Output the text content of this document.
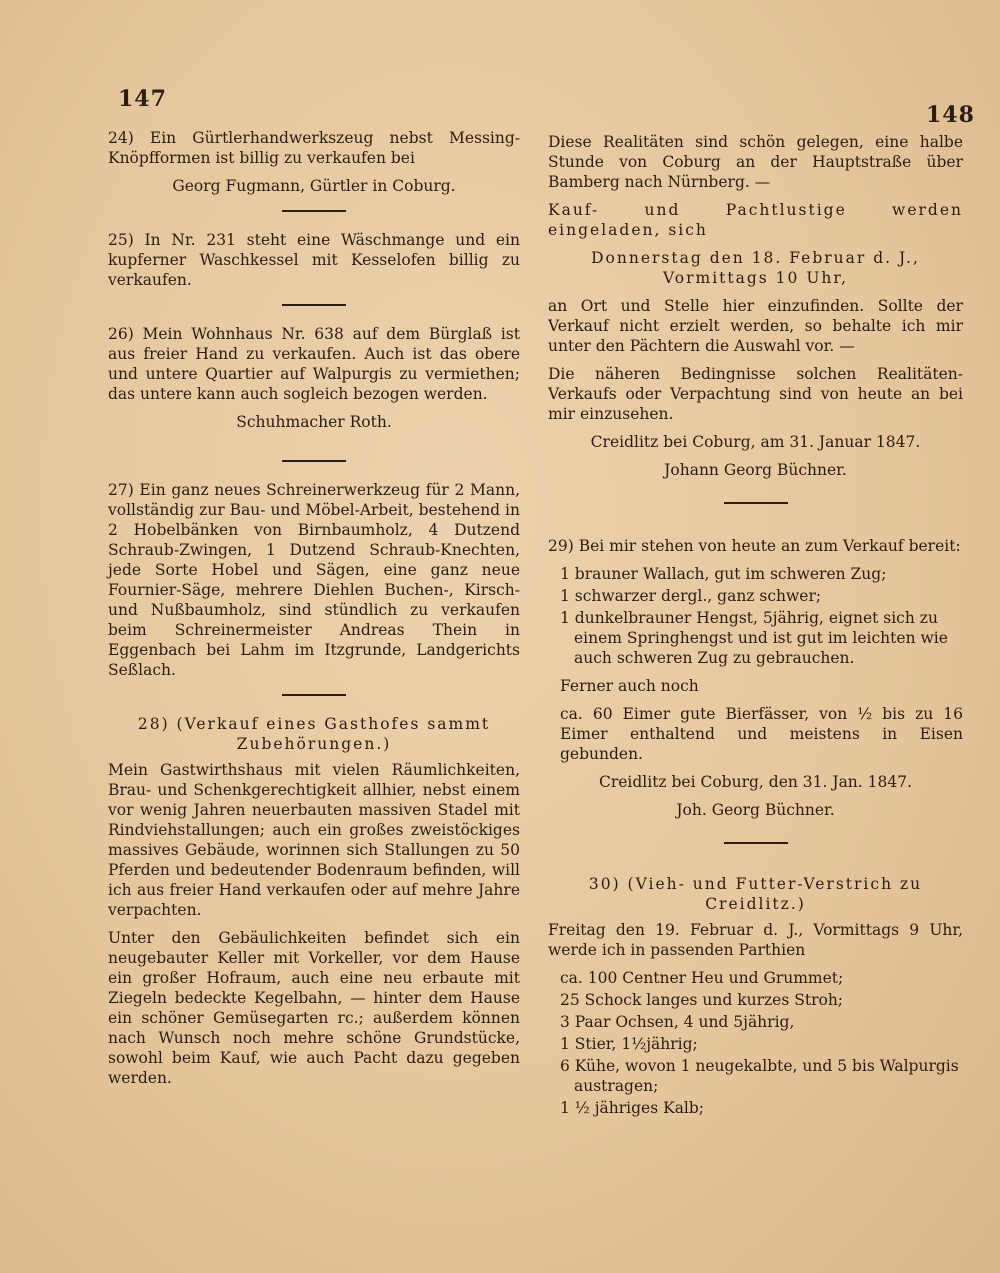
147
148

24) Ein Gürtlerhandwerkszeug nebst Messing-Knöpfformen ist billig zu verkaufen bei

Georg Fugmann, Gürtler in Coburg.

25) In Nr. 231 steht eine Wäschmange und ein kupferner Waschkessel mit Kesselofen billig zu verkaufen.

26) Mein Wohnhaus Nr. 638 auf dem Bürglaß ist aus freier Hand zu verkaufen. Auch ist das obere und untere Quartier auf Walpurgis zu vermiethen; das untere kann auch sogleich bezogen werden.

Schuhmacher Roth.

27) Ein ganz neues Schreinerwerkzeug für 2 Mann, vollständig zur Bau- und Möbel-Arbeit, bestehend in 2 Hobelbänken von Birnbaumholz, 4 Dutzend Schraub-Zwingen, 1 Dutzend Schraub-Knechten, jede Sorte Hobel und Sägen, eine ganz neue Fournier-Säge, mehrere Diehlen Buchen-, Kirsch- und Nußbaumholz, sind stündlich zu verkaufen beim Schreinermeister Andreas Thein in Eggenbach bei Lahm im Itzgrunde, Landgerichts Seßlach.

28) (Verkauf eines Gasthofes sammt Zubehörungen.)

Mein Gastwirthshaus mit vielen Räumlichkeiten, Brau- und Schenkgerechtigkeit allhier, nebst einem vor wenig Jahren neuerbauten massiven Stadel mit Rindviehstallungen; auch ein großes zweistöckiges massives Gebäude, worinnen sich Stallungen zu 50 Pferden und bedeutender Bodenraum befinden, will ich aus freier Hand verkaufen oder auf mehre Jahre verpachten.

Unter den Gebäulichkeiten befindet sich ein neugebauter Keller mit Vorkeller, vor dem Hause ein großer Hofraum, auch eine neu erbaute mit Ziegeln bedeckte Kegelbahn, — hinter dem Hause ein schöner Gemüsegarten rc.; außerdem können nach Wunsch noch mehre schöne Grundstücke, sowohl beim Kauf, wie auch Pacht dazu gegeben werden.

Diese Realitäten sind schön gelegen, eine halbe Stunde von Coburg an der Hauptstraße über Bamberg nach Nürnberg. —

Kauf- und Pachtlustige werden eingeladen, sich

Donnerstag den 18. Februar d. J., Vormittags 10 Uhr,

an Ort und Stelle hier einzufinden. Sollte der Verkauf nicht erzielt werden, so behalte ich mir unter den Pächtern die Auswahl vor. —

Die näheren Bedingnisse solchen Realitäten-Verkaufs oder Verpachtung sind von heute an bei mir einzusehen.

Creidlitz bei Coburg, am 31. Januar 1847.
Johann Georg Büchner.

29) Bei mir stehen von heute an zum Verkauf bereit:

1 brauner Wallach, gut im schweren Zug;
1 schwarzer dergl., ganz schwer;
1 dunkelbrauner Hengst, 5jährig, eignet sich zu einem Springhengst und ist gut im leichten wie auch schweren Zug zu gebrauchen.

Ferner auch noch

ca. 60 Eimer gute Bierfässer, von ½ bis zu 16 Eimer enthaltend und meistens in Eisen gebunden.

Creidlitz bei Coburg, den 31. Jan. 1847.
Joh. Georg Büchner.
30) (Vieh- und Futter-Verstrich zu Creidlitz.)

Freitag den 19. Februar d. J., Vormittags 9 Uhr, werde ich in passenden Parthien

ca. 100 Centner Heu und Grummet;
25 Schock langes und kurzes Stroh;
3 Paar Ochsen, 4 und 5jährig,
1 Stier, 1½jährig;
6 Kühe, wovon 1 neugekalbte, und 5 bis Walpurgis austragen;
1 ½ jähriges Kalb;
